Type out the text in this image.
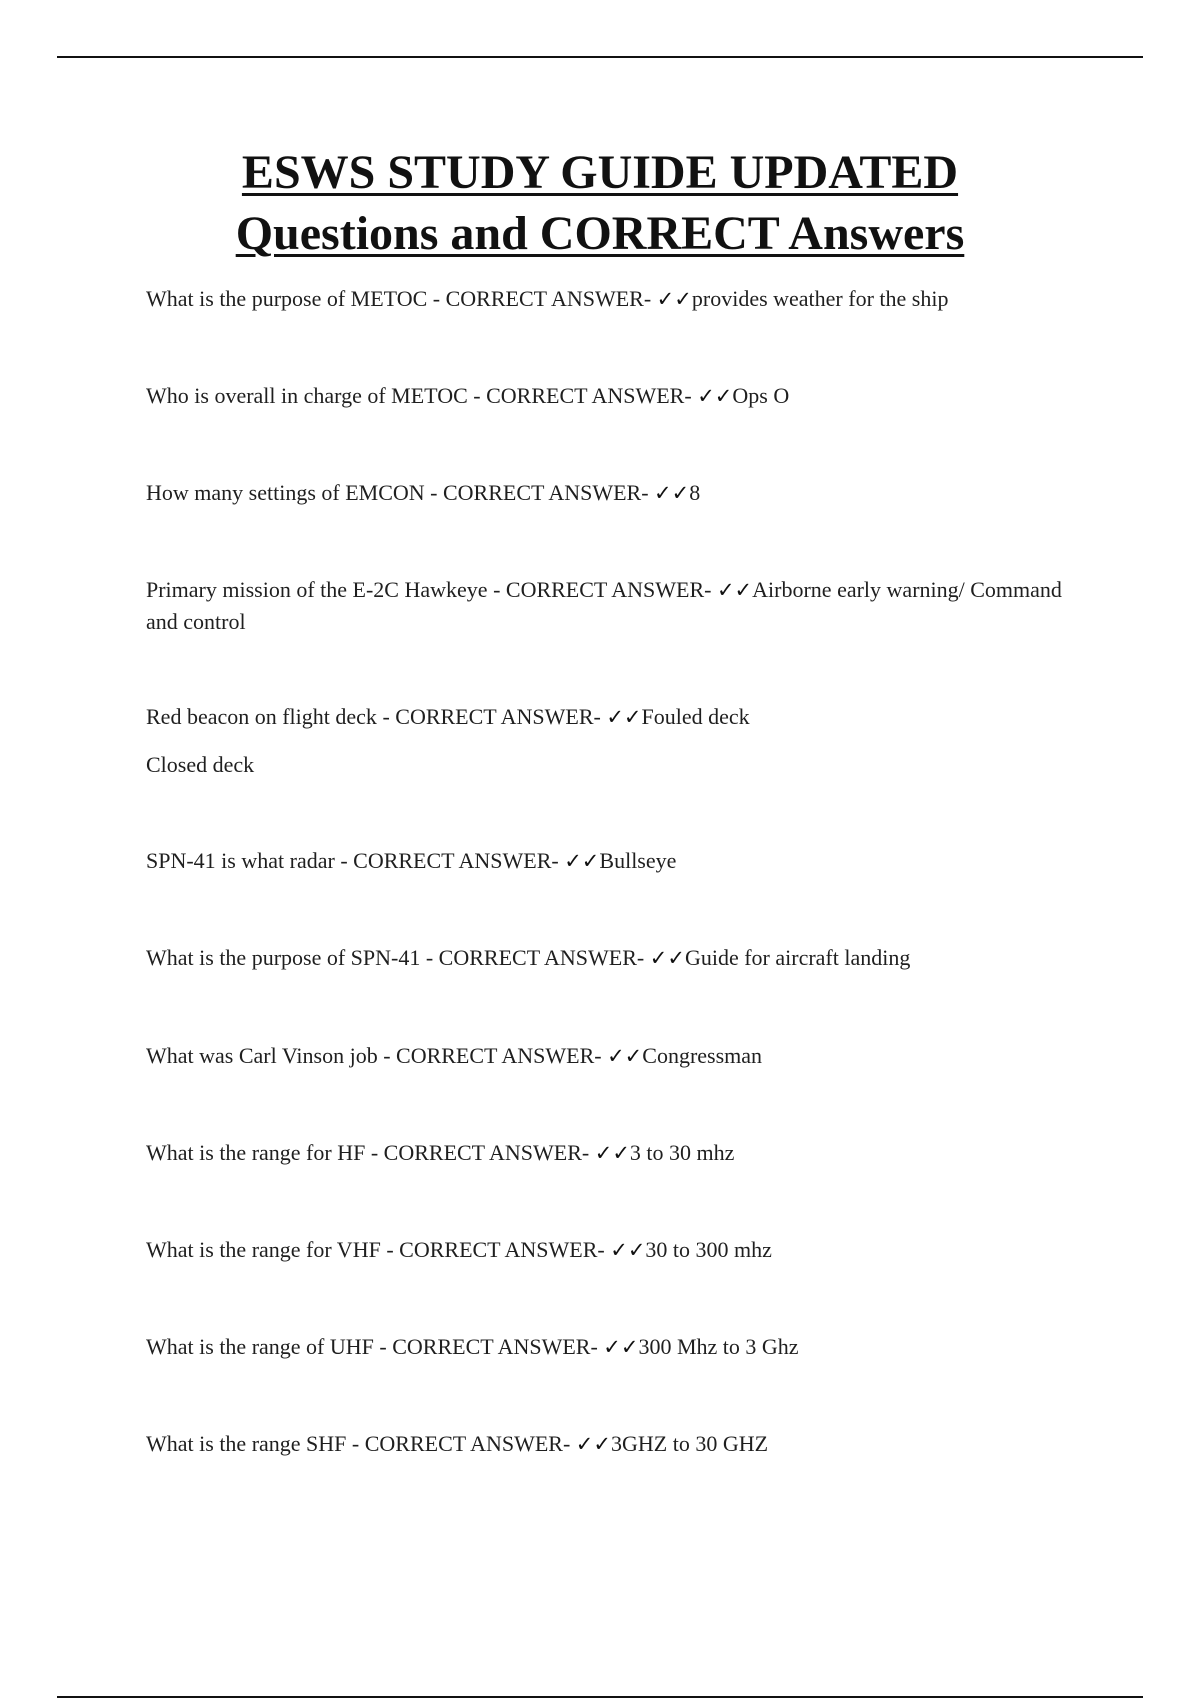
ESWS STUDY GUIDE UPDATED
Questions and CORRECT Answers

What is the purpose of METOC - CORRECT ANSWER- ✓✓provides weather for the ship

Who is overall in charge of METOC - CORRECT ANSWER- ✓✓Ops O

How many settings of EMCON - CORRECT ANSWER- ✓✓8

Primary mission of the E-2C Hawkeye - CORRECT ANSWER- ✓✓Airborne early warning/ Command and control

Red beacon on flight deck - CORRECT ANSWER- ✓✓Fouled deck

Closed deck

SPN-41 is what radar - CORRECT ANSWER- ✓✓Bullseye

What is the purpose of SPN-41 - CORRECT ANSWER- ✓✓Guide for aircraft landing

What was Carl Vinson job - CORRECT ANSWER- ✓✓Congressman

What is the range for HF - CORRECT ANSWER- ✓✓3 to 30 mhz

What is the range for VHF - CORRECT ANSWER- ✓✓30 to 300 mhz

What is the range of UHF - CORRECT ANSWER- ✓✓300 Mhz to 3 Ghz

What is the range SHF - CORRECT ANSWER- ✓✓3GHZ to 30 GHZ
